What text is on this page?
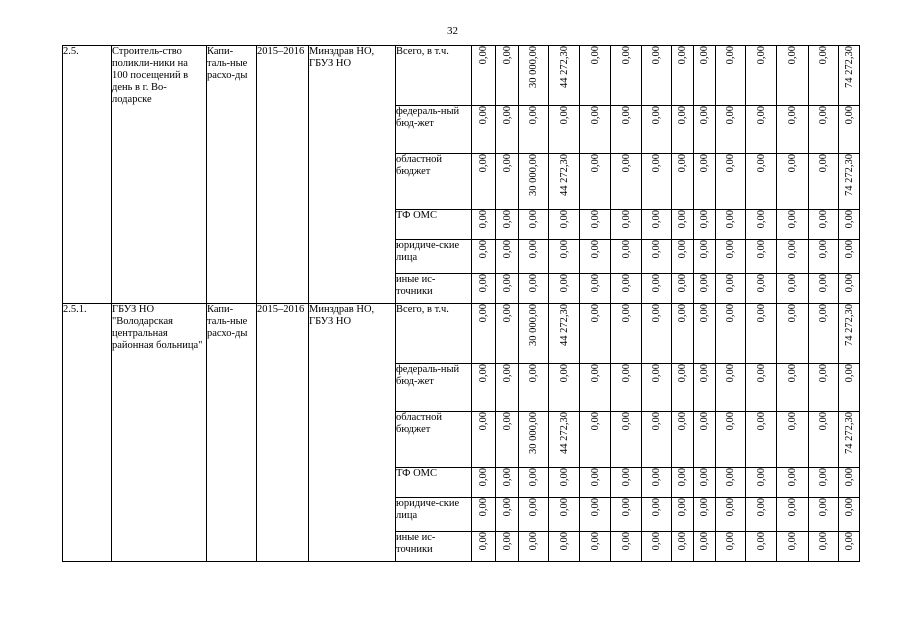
32
2.5.	Строитель-​ство поликли-​ники на 100 посещений в день в г. Во-​лодарске	Капи-​таль-​ные расхо-​ды	2015–​2016	Минздрав НО, ГБУЗ НО	Всего, в т.ч.	0,00	0,00	30 000,00	44 272,30	0,00	0,00	0,00	0,00	0,00	0,00	0,00	0,00	0,00	74 272,30

					федераль-​ный бюд-​жет	0,00	0,00	0,00	0,00	0,00	0,00	0,00	0,00	0,00	0,00	0,00	0,00	0,00	0,00

					областной бюджет	0,00	0,00	30 000,00	44 272,30	0,00	0,00	0,00	0,00	0,00	0,00	0,00	0,00	0,00	74 272,30

					ТФ ОМС	0,00	0,00	0,00	0,00	0,00	0,00	0,00	0,00	0,00	0,00	0,00	0,00	0,00	0,00

					юридиче-​ские лица	0,00	0,00	0,00	0,00	0,00	0,00	0,00	0,00	0,00	0,00	0,00	0,00	0,00	0,00

					иные ис-​точники	0,00	0,00	0,00	0,00	0,00	0,00	0,00	0,00	0,00	0,00	0,00	0,00	0,00	0,00
2.5.1.	ГБУЗ НО "Володарская центральная районная больница"	Капи-​таль-​ные расхо-​ды	2015–​2016	Минздрав НО, ГБУЗ НО	Всего, в т.ч.	0,00	0,00	30 000,00	44 272,30	0,00	0,00	0,00	0,00	0,00	0,00	0,00	0,00	0,00	74 272,30

					федераль-​ный бюд-​жет	0,00	0,00	0,00	0,00	0,00	0,00	0,00	0,00	0,00	0,00	0,00	0,00	0,00	0,00

					областной бюджет	0,00	0,00	30 000,00	44 272,30	0,00	0,00	0,00	0,00	0,00	0,00	0,00	0,00	0,00	74 272,30

					ТФ ОМС	0,00	0,00	0,00	0,00	0,00	0,00	0,00	0,00	0,00	0,00	0,00	0,00	0,00	0,00

					юридиче-​ские лица	0,00	0,00	0,00	0,00	0,00	0,00	0,00	0,00	0,00	0,00	0,00	0,00	0,00	0,00

					иные ис-​точники	0,00	0,00	0,00	0,00	0,00	0,00	0,00	0,00	0,00	0,00	0,00	0,00	0,00	0,00
